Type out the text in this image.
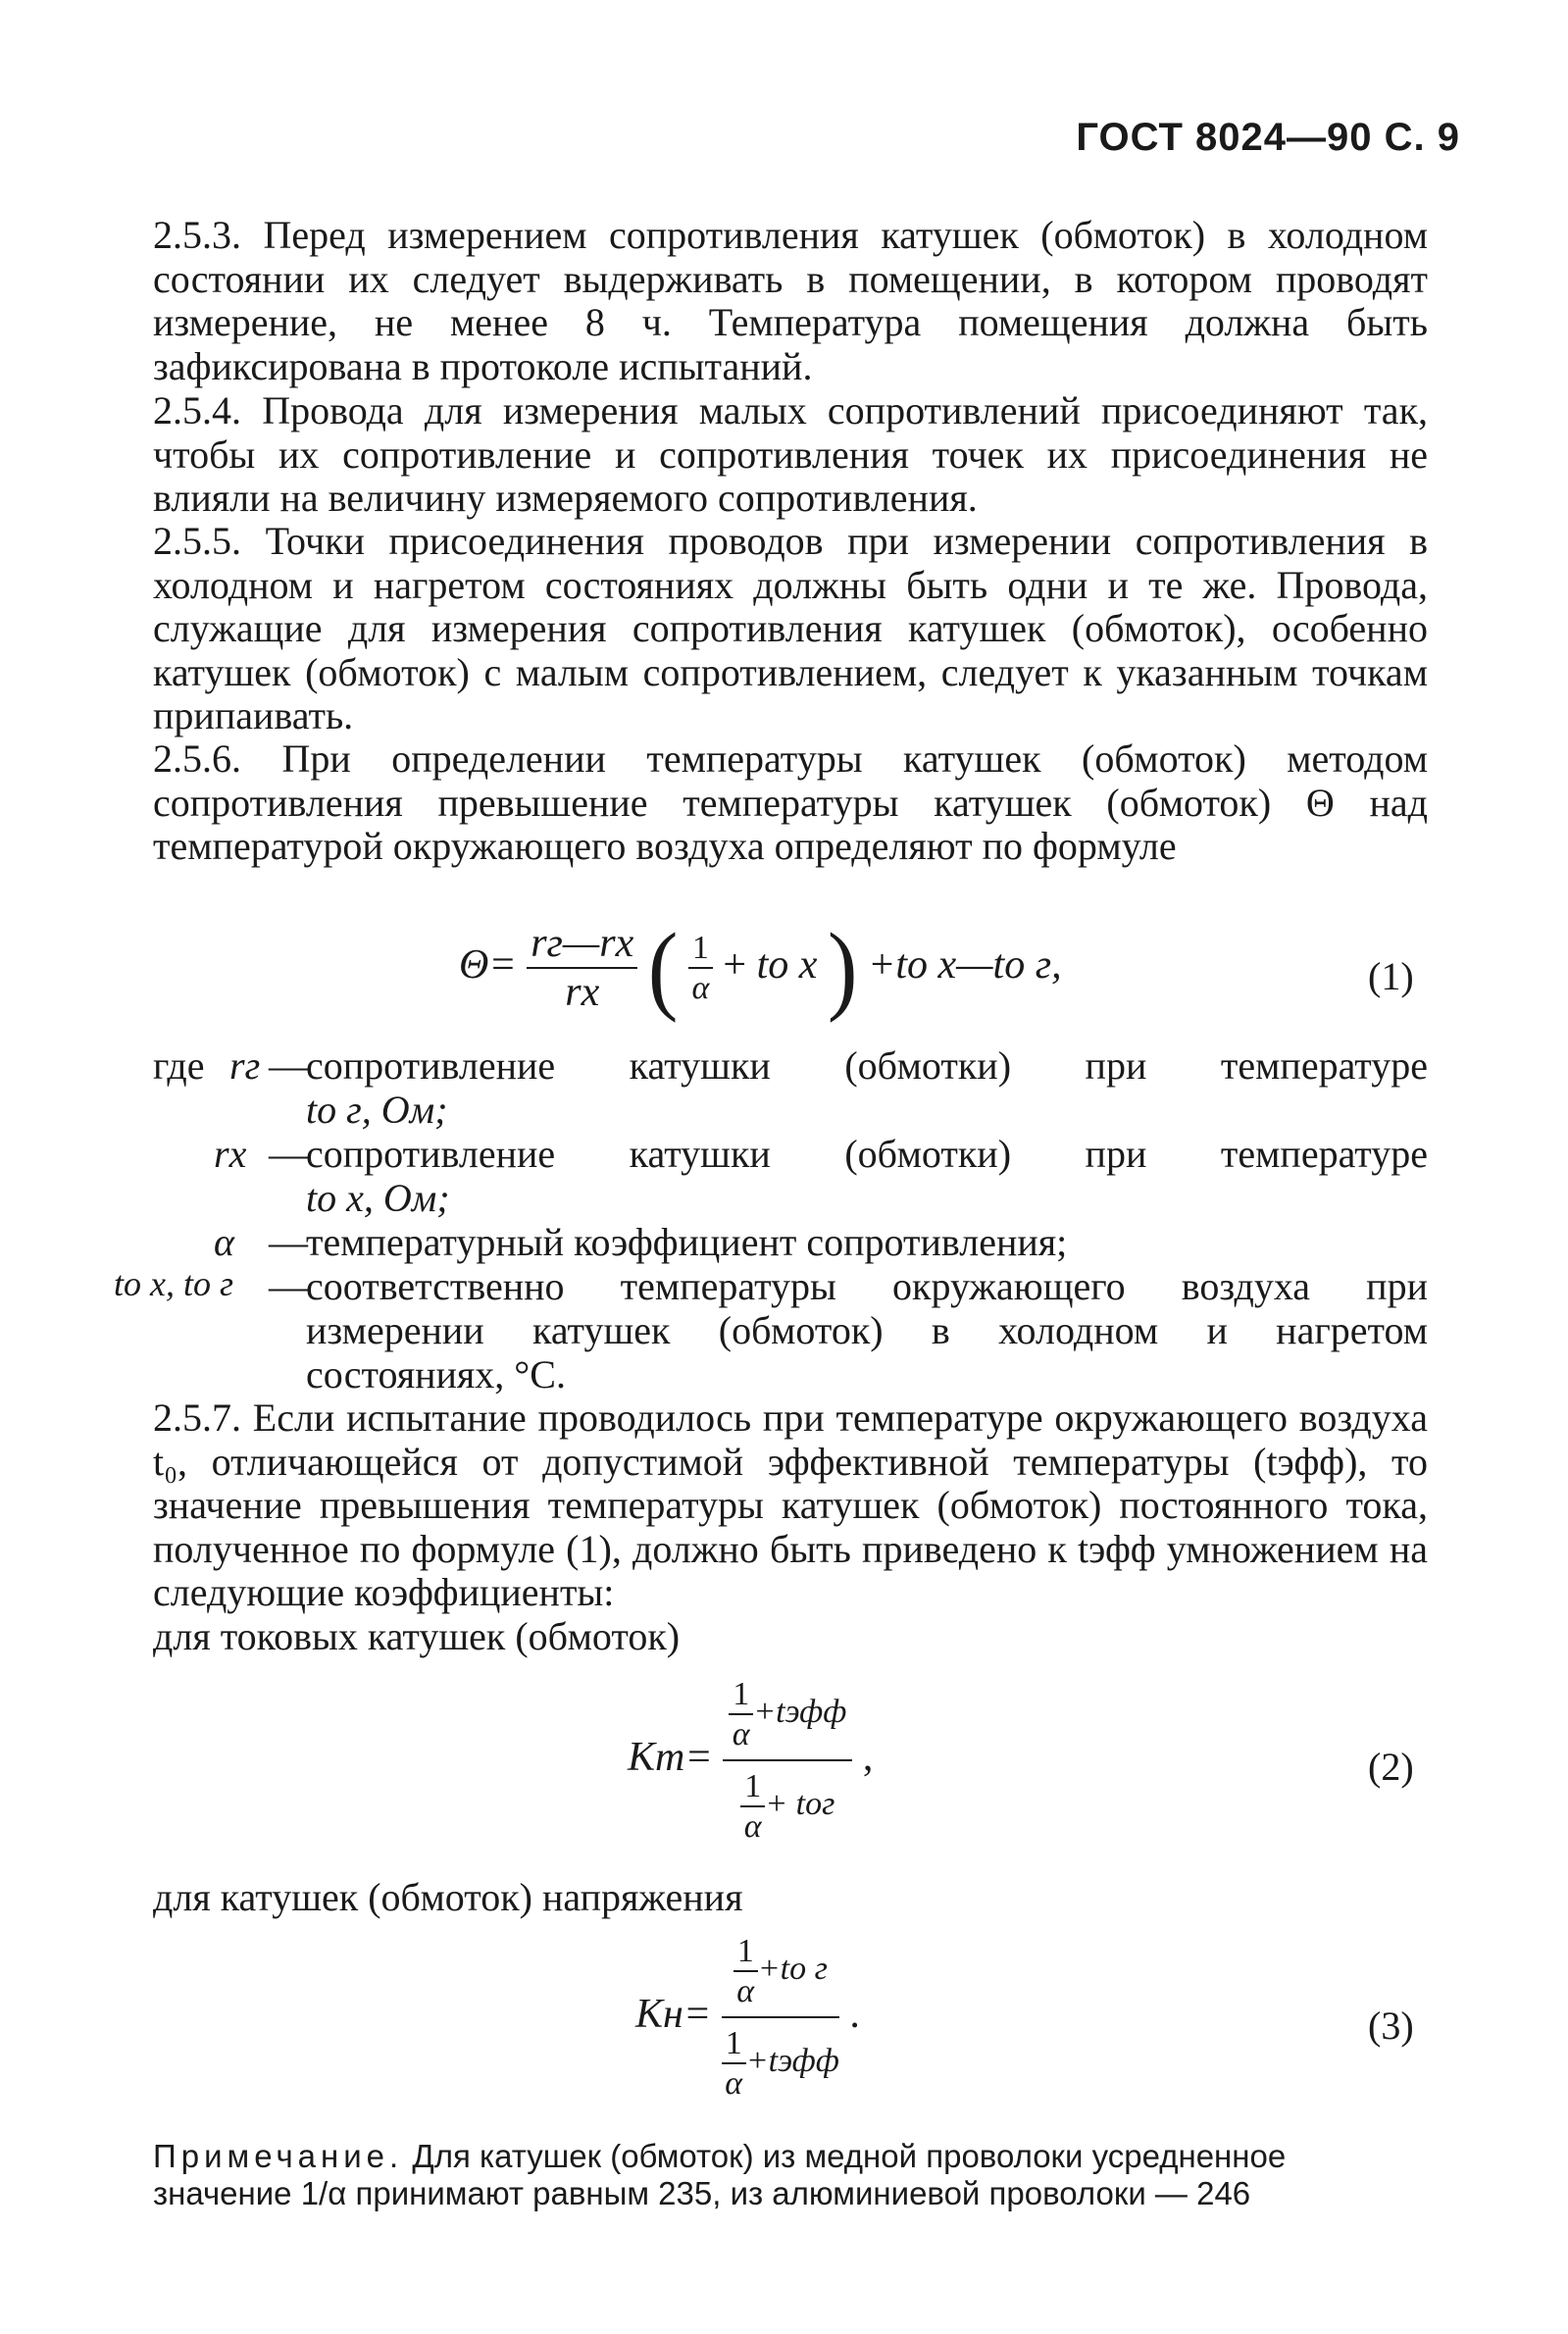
ГОСТ 8024—90 С. 9
2.5.3. Перед измерением сопротивления катушек (обмоток) в холодном состоянии их следует выдерживать в помещении, в котором проводят измерение, не менее 8 ч. Температура помещения должна быть зафиксирована в протоколе испытаний.
2.5.4. Провода для измерения малых сопротивлений присоединяют так, чтобы их сопротивление и сопротивления точек их присоединения не влияли на величину измеряемого сопротивления.
2.5.5. Точки присоединения проводов при измерении сопротивления в холодном и нагретом состояниях должны быть одни и те же. Провода, служащие для измерения сопротивления катушек (обмоток), особенно катушек (обмоток) с малым сопротивлением, следует к указанным точкам припаивать.
2.5.6. При определении температуры катушек (обмоток) методом сопротивления превышение температуры катушек (обмоток) Θ над температурой окружающего воздуха определяют по формуле
$\Theta= \frac{rг—rх}{rх}$ ( $\frac{1}{\alpha}$ + tо х ) +tо х—tо г,	(1)
где rг —
сопротивление катушки (обмотки) при температуре
tо г, Ом;
rх —
сопротивление катушки (обмотки) при температуре
tо х, Ом;
α —
температурный коэффициент сопротивления;
tо х, tо г —
соответственно температуры окружающего воздуха при
измерении катушек (обмоток) в холодном и нагретом
состояниях, °С.
2.5.7. Если испытание проводилось при температуре окружающего воздуха t₀, отличающейся от допустимой эффективной температуры (tэфф), то значение превышения температуры катушек (обмоток) постоянного тока, полученное по формуле (1), должно быть приведено к tэфф умножением на следующие коэффициенты:
для токовых катушек (обмоток)
$Kт= \frac{\frac{1}{\alpha} +tэфф}{\frac{1}{\alpha} + tог}$ ,	(2)
для катушек (обмоток) напряжения
$Kн= \frac{\frac{1}{\alpha} +tо г}{\frac{1}{\alpha} +tэфф}$ .	(3)
Примечание. Для катушек (обмоток) из медной проволоки усредненное значение 1/α принимают равным 235, из алюминиевой проволоки — 246
